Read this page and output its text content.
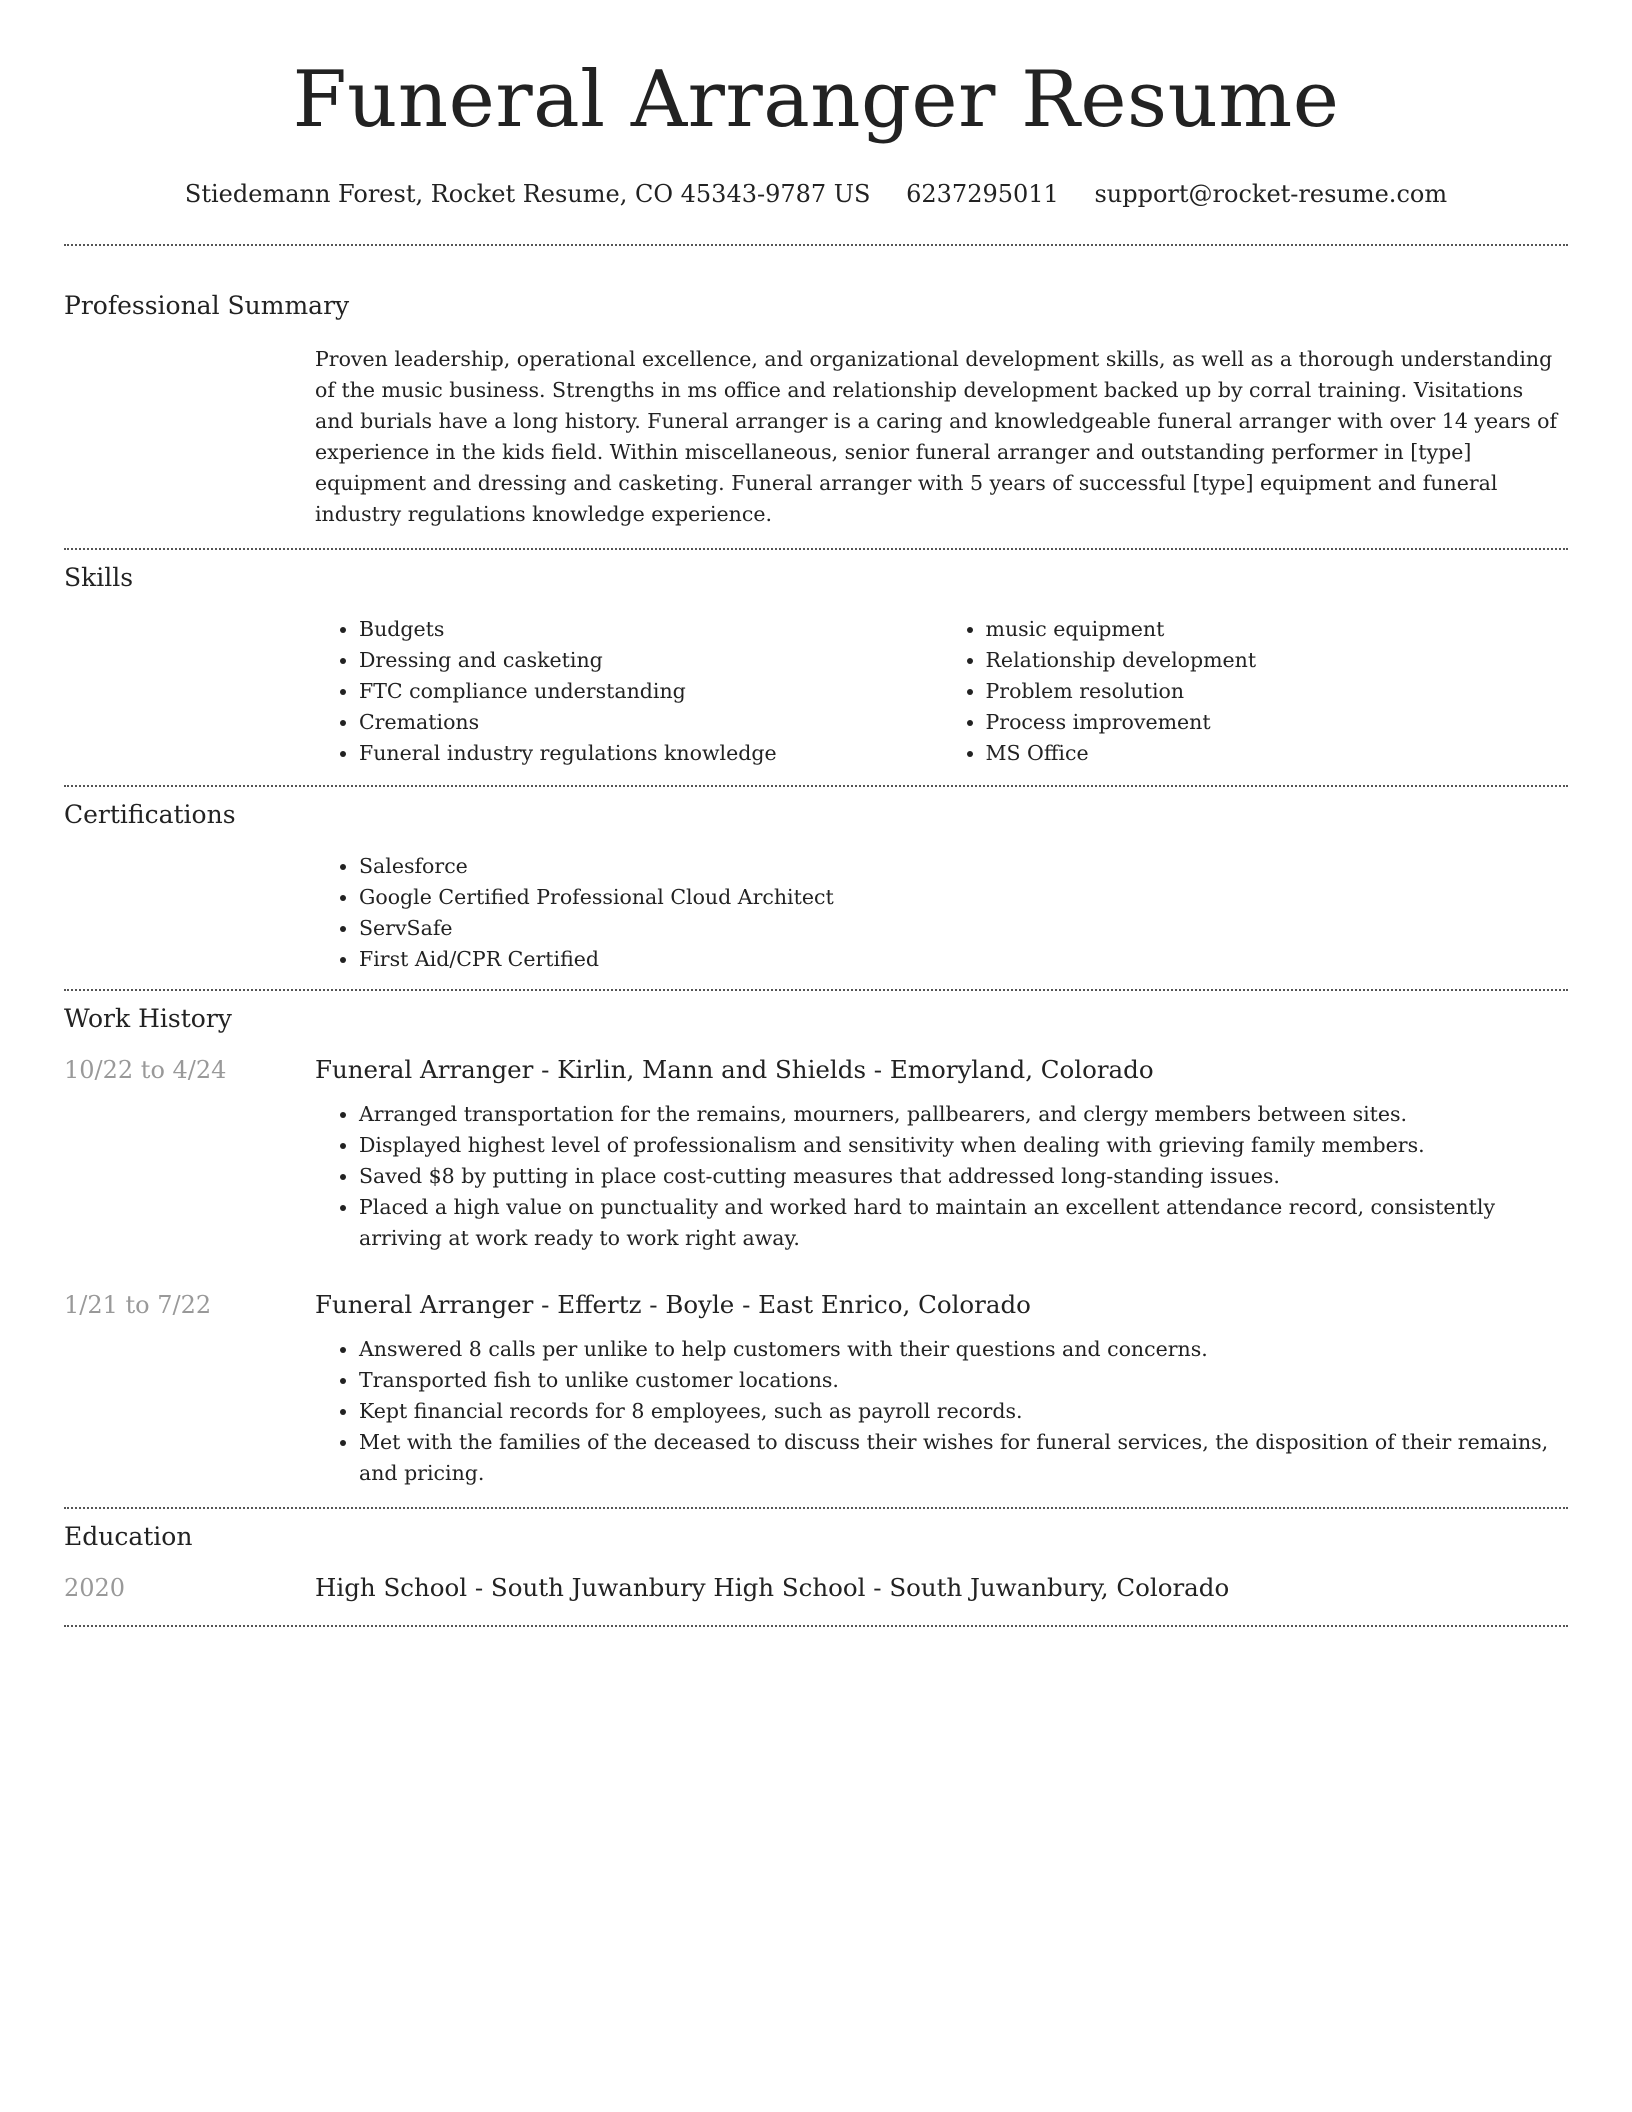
Funeral Arranger Resume
Stiedemann Forest, Rocket Resume, CO 45343-9787 US 6237295011 support@rocket-resume.com
Professional Summary

Proven leadership, operational excellence, and organizational development skills, as well as a thorough understanding of the music business. Strengths in ms office and relationship development backed up by corral training. Visitations and burials have a long history. Funeral arranger is a caring and knowledgeable funeral arranger with over 14 years of experience in the kids field. Within miscellaneous, senior funeral arranger and outstanding performer in [type] equipment and dressing and casketing. Funeral arranger with 5 years of successful [type] equipment and funeral industry regulations knowledge experience.

Skills
• Budgets
• Dressing and casketing
• FTC compliance understanding
• Cremations
• Funeral industry regulations knowledge
• music equipment
• Relationship development
• Problem resolution
• Process improvement
• MS Office
Certifications
• Salesforce
• Google Certified Professional Cloud Architect
• ServSafe
• First Aid/CPR Certified
Work History
10/22 to 4/24	Funeral Arranger - Kirlin, Mann and Shields - Emoryland, Colorado
• Arranged transportation for the remains, mourners, pallbearers, and clergy members between sites.
• Displayed highest level of professionalism and sensitivity when dealing with grieving family members.
• Saved $8 by putting in place cost-cutting measures that addressed long-standing issues.
• Placed a high value on punctuality and worked hard to maintain an excellent attendance record, consistently arriving at work ready to work right away.
1/21 to 7/22	Funeral Arranger - Effertz - Boyle - East Enrico, Colorado
• Answered 8 calls per unlike to help customers with their questions and concerns.
• Transported fish to unlike customer locations.
• Kept financial records for 8 employees, such as payroll records.
• Met with the families of the deceased to discuss their wishes for funeral services, the disposition of their remains, and pricing.
Education
2020	High School - South Juwanbury High School - South Juwanbury, Colorado
